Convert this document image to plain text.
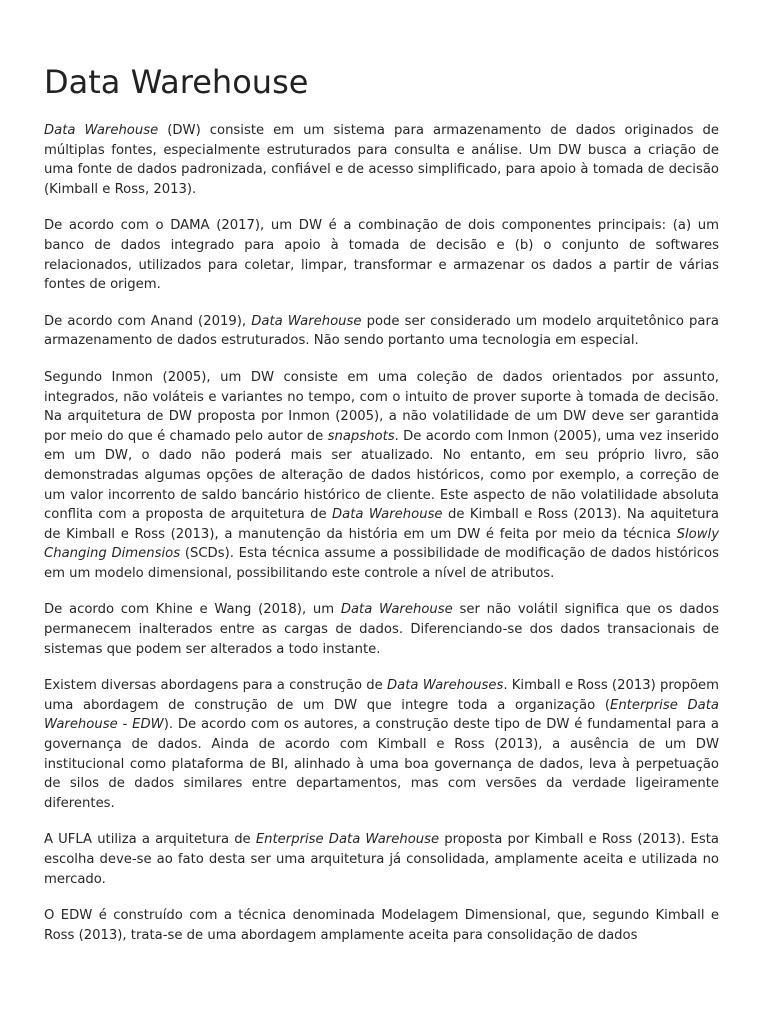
Data Warehouse

Data Warehouse (DW) consiste em um sistema para armazenamento de dados originados de múltiplas fontes, especialmente estruturados para consulta e análise. Um DW busca a criação de uma fonte de dados padronizada, confiável e de acesso simplificado, para apoio à tomada de decisão (Kimball e Ross, 2013).

De acordo com o DAMA (2017), um DW é a combinação de dois componentes principais: (a) um banco de dados integrado para apoio à tomada de decisão e (b) o conjunto de softwares relacionados, utilizados para coletar, limpar, transformar e armazenar os dados a partir de várias fontes de origem.

De acordo com Anand (2019), Data Warehouse pode ser considerado um modelo arquitetônico para armazenamento de dados estruturados. Não sendo portanto uma tecnologia em especial.

Segundo Inmon (2005), um DW consiste em uma coleção de dados orientados por assunto, integrados, não voláteis e variantes no tempo, com o intuito de prover suporte à tomada de decisão. Na arquitetura de DW proposta por Inmon (2005), a não volatilidade de um DW deve ser garantida por meio do que é chamado pelo autor de snapshots. De acordo com Inmon (2005), uma vez inserido em um DW, o dado não poderá mais ser atualizado. No entanto, em seu próprio livro, são demonstradas algumas opções de alteração de dados históricos, como por exemplo, a correção de um valor incorrento de saldo bancário histórico de cliente. Este aspecto de não volatilidade absoluta conflita com a proposta de arquitetura de Data Warehouse de Kimball e Ross (2013). Na aquitetura de Kimball e Ross (2013), a manutenção da história em um DW é feita por meio da técnica Slowly Changing Dimensios (SCDs). Esta técnica assume a possibilidade de modificação de dados históricos em um modelo dimensional, possibilitando este controle a nível de atributos.

De acordo com Khine e Wang (2018), um Data Warehouse ser não volátil significa que os dados permanecem inalterados entre as cargas de dados. Diferenciando-se dos dados transacionais de sistemas que podem ser alterados a todo instante.

Existem diversas abordagens para a construção de Data Warehouses. Kimball e Ross (2013) propõem uma abordagem de construção de um DW que integre toda a organização (Enterprise Data Warehouse - EDW). De acordo com os autores, a construção deste tipo de DW é fundamental para a governança de dados. Ainda de acordo com Kimball e Ross (2013), a ausência de um DW institucional como plataforma de BI, alinhado à uma boa governança de dados, leva à perpetuação de silos de dados similares entre departamentos, mas com versões da verdade ligeiramente diferentes.

A UFLA utiliza a arquitetura de Enterprise Data Warehouse proposta por Kimball e Ross (2013). Esta escolha deve-se ao fato desta ser uma arquitetura já consolidada, amplamente aceita e utilizada no mercado.

O EDW é construído com a técnica denominada Modelagem Dimensional, que, segundo Kimball e Ross (2013), trata-se de uma abordagem amplamente aceita para consolidação de dados
